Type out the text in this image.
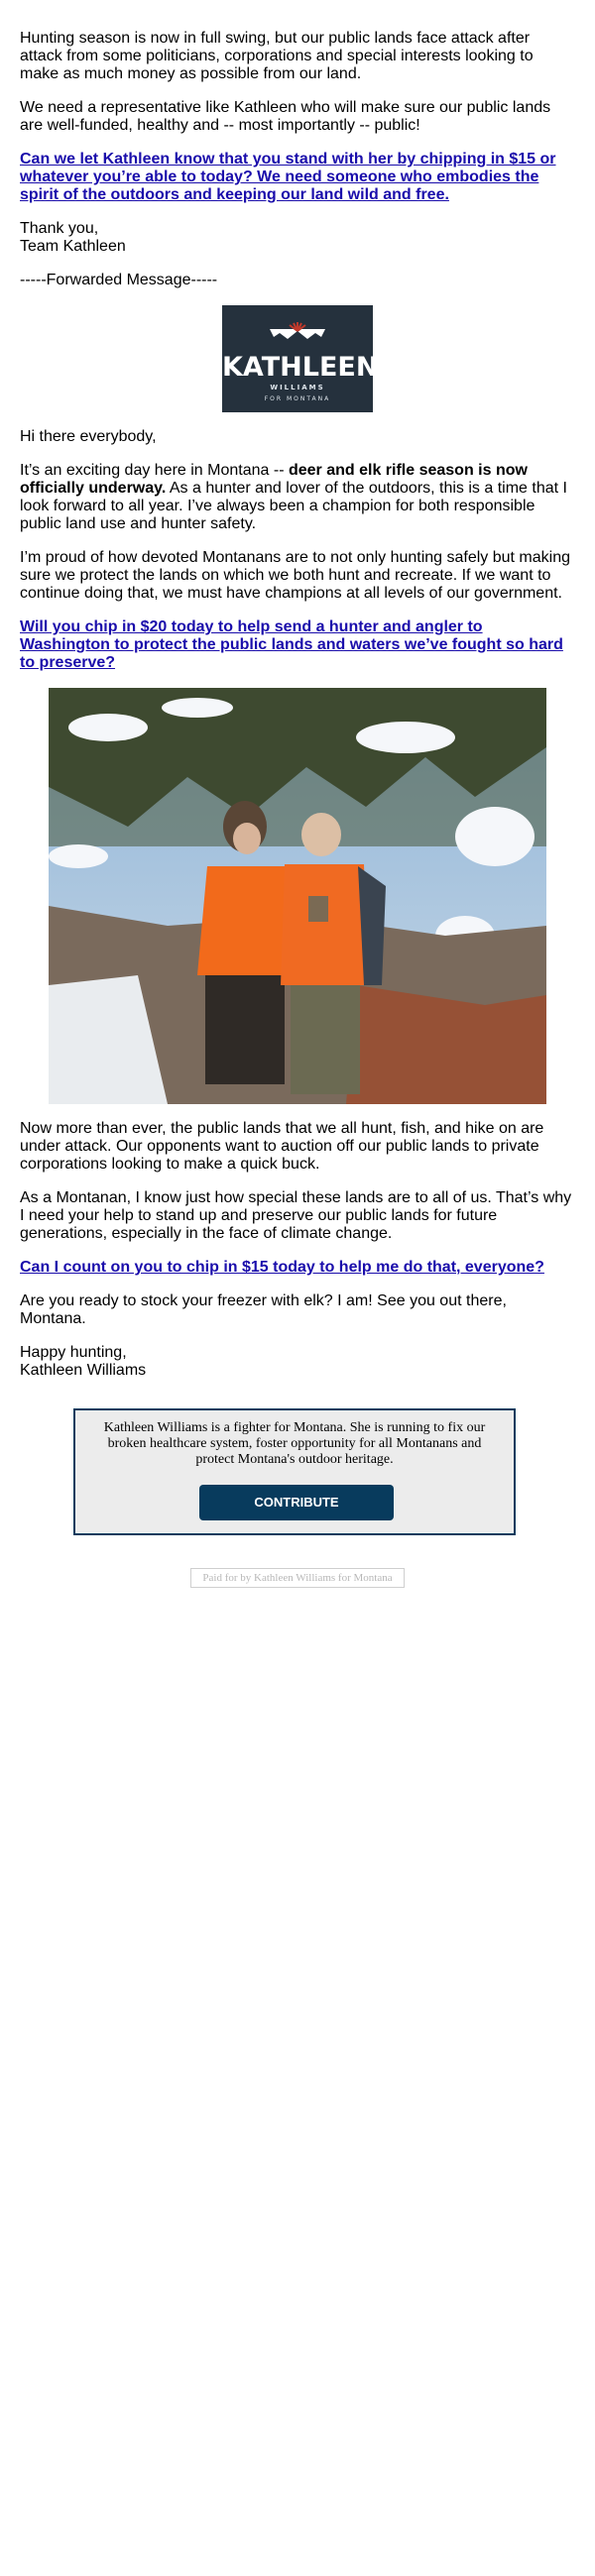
Hunting season is now in full swing, but our public lands face attack after attack from some politicians, corporations and special interests looking to make as much money as possible from our land.

We need a representative like Kathleen who will make sure our public lands are well-funded, healthy and -- most importantly -- public!

Can we let Kathleen know that you stand with her by chipping in $15 or whatever you’re able to today? We need someone who embodies the spirit of the outdoors and keeping our land wild and free.

Thank you,
Team Kathleen

-----Forwarded Message-----

KATHLEEN
WILLIAMS
FOR MONTANA

Hi there everybody,

It’s an exciting day here in Montana -- deer and elk rifle season is now officially underway. As a hunter and lover of the outdoors, this is a time that I look forward to all year. I’ve always been a champion for both responsible public land use and hunter safety.

I’m proud of how devoted Montanans are to not only hunting safely but making sure we protect the lands on which we both hunt and recreate. If we want to continue doing that, we must have champions at all levels of our government.

Will you chip in $20 today to help send a hunter and angler to Washington to protect the public lands and waters we’ve fought so hard to preserve?

Now more than ever, the public lands that we all hunt, fish, and hike on are under attack. Our opponents want to auction off our public lands to private corporations looking to make a quick buck.

As a Montanan, I know just how special these lands are to all of us. That’s why I need your help to stand up and preserve our public lands for future generations, especially in the face of climate change.

Can I count on you to chip in $15 today to help me do that, everyone?

Are you ready to stock your freezer with elk? I am! See you out there, Montana.

Happy hunting,
Kathleen Williams

Kathleen Williams is a fighter for Montana. She is running to fix our broken healthcare system, foster opportunity for all Montanans and protect Montana's outdoor heritage.
CONTRIBUTE
Paid for by Kathleen Williams for Montana
